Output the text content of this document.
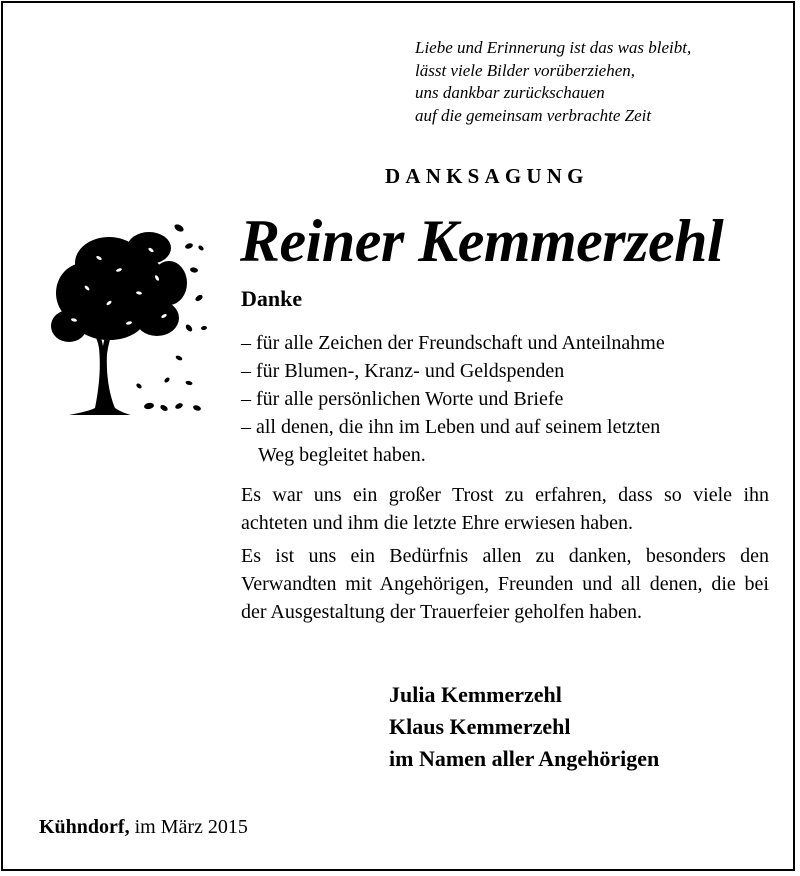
Liebe und Erinnerung ist das was bleibt,
lässt viele Bilder vorüberziehen,
uns dankbar zurückschauen
auf die gemeinsam verbrachte Zeit
DANKSAGUNG
Reiner Kemmerzehl
Danke
– für alle Zeichen der Freundschaft und Anteilnahme
– für Blumen-, Kranz- und Geldspenden
– für alle persönlichen Worte und Briefe
– all denen, die ihn im Leben und auf seinem letzten
Weg begleitet haben.
Es war uns ein großer Trost zu erfahren, dass so viele ihn achteten und ihm die letzte Ehre erwiesen haben.
Es ist uns ein Bedürfnis allen zu danken, besonders den Verwandten mit Angehörigen, Freunden und all denen, die bei der Ausgestaltung der Trauerfeier geholfen haben.
Julia Kemmerzehl
Klaus Kemmerzehl
im Namen aller Angehörigen
Kühndorf, im März 2015
